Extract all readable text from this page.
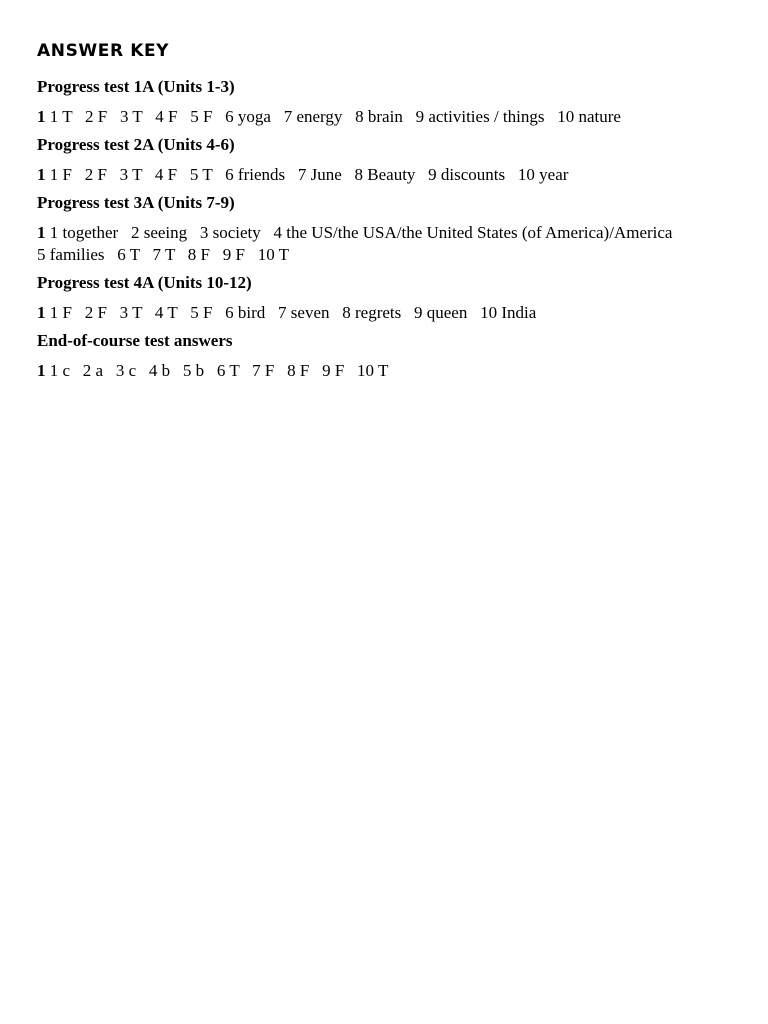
ANSWER KEY
Progress test 1A (Units 1-3)
1 1 T   2 F   3 T   4 F   5 F   6 yoga   7 energy   8 brain   9 activities / things   10 nature
Progress test 2A (Units 4-6)
1 1 F   2 F   3 T   4 F   5 T   6 friends   7 June   8 Beauty   9 discounts   10 year
Progress test 3A (Units 7-9)
1 1 together   2 seeing   3 society   4 the US/the USA/the United States (of America)/America
5 families   6 T   7 T   8 F   9 F   10 T
Progress test 4A (Units 10-12)
1 1 F   2 F   3 T   4 T   5 F   6 bird   7 seven   8 regrets   9 queen   10 India
End-of-course test answers
1 1 c   2 a   3 c   4 b   5 b   6 T   7 F   8 F   9 F   10 T
